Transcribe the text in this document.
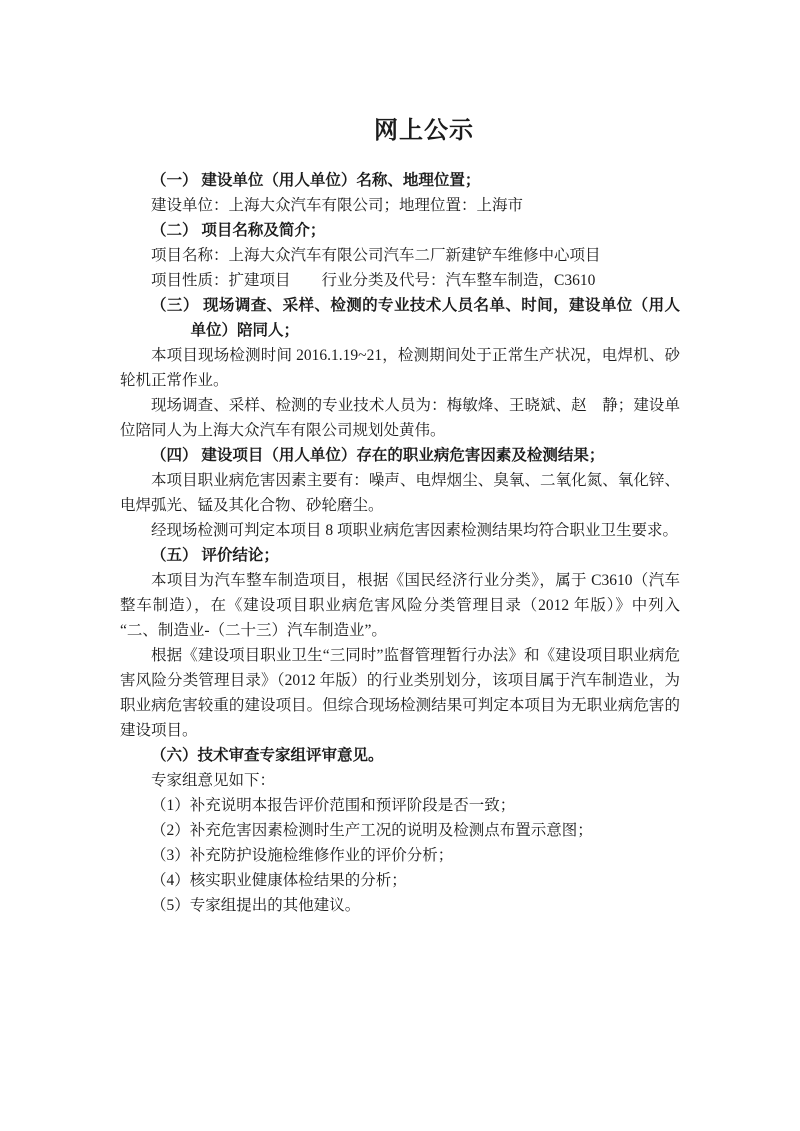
网上公示

（一） 建设单位（用人单位）名称、地理位置；

建设单位：上海大众汽车有限公司；地理位置：上海市

（二） 项目名称及简介；

项目名称：上海大众汽车有限公司汽车二厂新建铲车维修中心项目

项目性质：扩建项目　　行业分类及代号：汽车整车制造，C3610

（三） 现场调查、采样、检测的专业技术人员名单、时间，建设单位（用人单位）陪同人；

本项目现场检测时间 2016.1.19~21，检测期间处于正常生产状况，电焊机、砂轮机正常作业。

现场调查、采样、检测的专业技术人员为：梅敏烽、王晓斌、赵　静；建设单位陪同人为上海大众汽车有限公司规划处黄伟。

（四） 建设项目（用人单位）存在的职业病危害因素及检测结果；

本项目职业病危害因素主要有：噪声、电焊烟尘、臭氧、二氧化氮、氧化锌、电焊弧光、锰及其化合物、砂轮磨尘。

经现场检测可判定本项目 8 项职业病危害因素检测结果均符合职业卫生要求。

（五） 评价结论；

本项目为汽车整车制造项目，根据《国民经济行业分类》，属于 C3610（汽车整车制造），在《建设项目职业病危害风险分类管理目录（2012 年版）》中列入“二、制造业-（二十三）汽车制造业”。

根据《建设项目职业卫生“三同时”监督管理暂行办法》和《建设项目职业病危害风险分类管理目录》（2012 年版）的行业类别划分，该项目属于汽车制造业，为职业病危害较重的建设项目。但综合现场检测结果可判定本项目为无职业病危害的建设项目。

（六）技术审查专家组评审意见。

专家组意见如下：

（1）补充说明本报告评价范围和预评阶段是否一致；

（2）补充危害因素检测时生产工况的说明及检测点布置示意图；

（3）补充防护设施检维修作业的评价分析；

（4）核实职业健康体检结果的分析；

（5）专家组提出的其他建议。
